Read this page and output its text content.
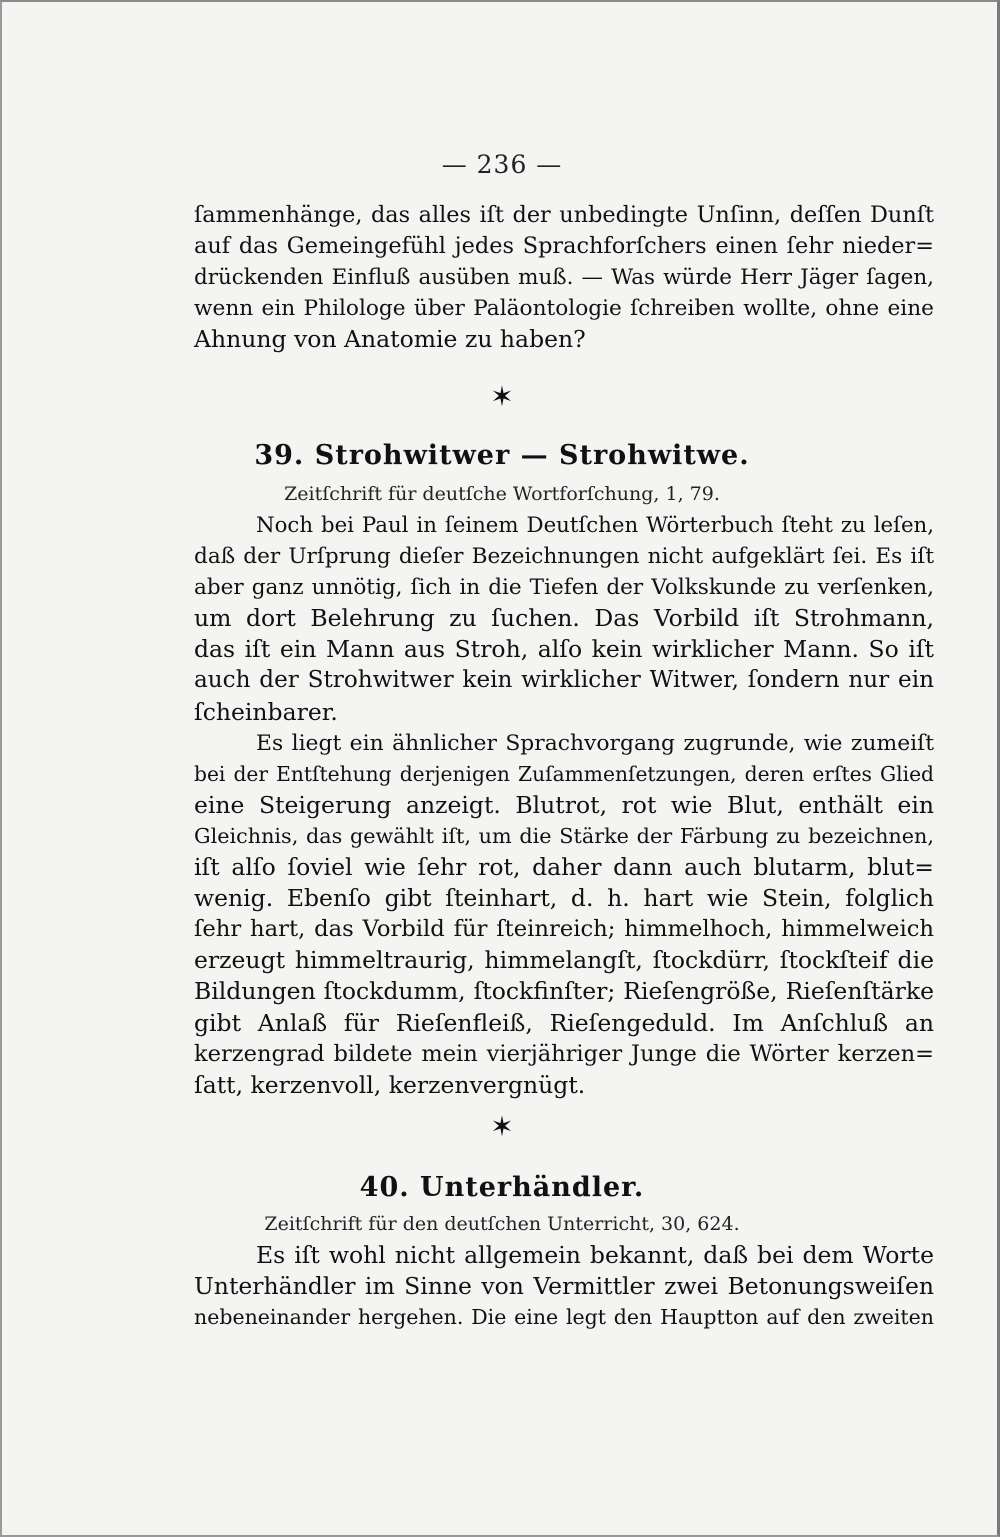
— 236 —

ſammenhänge, das alles iſt der unbedingte Unſinn, deſſen Dunſt
auf das Gemeingefühl jedes Sprachforſchers einen ſehr nieder=
drückenden Einfluß ausüben muß. — Was würde Herr Jäger ſagen,
wenn ein Philologe über Paläontologie ſchreiben wollte, ohne eine
Ahnung von Anatomie zu haben?

✶
39. Strohwitwer — Strohwitwe.
Zeitſchrift für deutſche Wortforſchung, 1, 79.

Noch bei Paul in ſeinem Deutſchen Wörterbuch ſteht zu leſen,
daß der Urſprung dieſer Bezeichnungen nicht aufgeklärt ſei. Es iſt
aber ganz unnötig, ſich in die Tiefen der Volkskunde zu verſenken,
um dort Belehrung zu ſuchen. Das Vorbild iſt Strohmann,
das iſt ein Mann aus Stroh, alſo kein wirklicher Mann. So iſt
auch der Strohwitwer kein wirklicher Witwer, ſondern nur ein
ſcheinbarer.

Es liegt ein ähnlicher Sprachvorgang zugrunde, wie zumeiſt
bei der Entſtehung derjenigen Zuſammenſetzungen, deren erſtes Glied
eine Steigerung anzeigt. Blutrot, rot wie Blut, enthält ein
Gleichnis, das gewählt iſt, um die Stärke der Färbung zu bezeichnen,
iſt alſo ſoviel wie ſehr rot, daher dann auch blutarm, blut=
wenig. Ebenſo gibt ſteinhart, d. h. hart wie Stein, folglich
ſehr hart, das Vorbild für ſteinreich; himmelhoch, himmelweich
erzeugt himmeltraurig, himmelangſt, ſtockdürr, ſtockſteif die
Bildungen ſtockdumm, ſtockfinſter; Rieſengröße, Rieſenſtärke
gibt Anlaß für Rieſenfleiß, Rieſengeduld. Im Anſchluß an
kerzengrad bildete mein vierjähriger Junge die Wörter kerzen=
ſatt, kerzenvoll, kerzenvergnügt.

✶
40. Unterhändler.
Zeitſchrift für den deutſchen Unterricht, 30, 624.

Es iſt wohl nicht allgemein bekannt, daß bei dem Worte
Unterhändler im Sinne von Vermittler zwei Betonungsweiſen
nebeneinander hergehen. Die eine legt den Hauptton auf den zweiten
